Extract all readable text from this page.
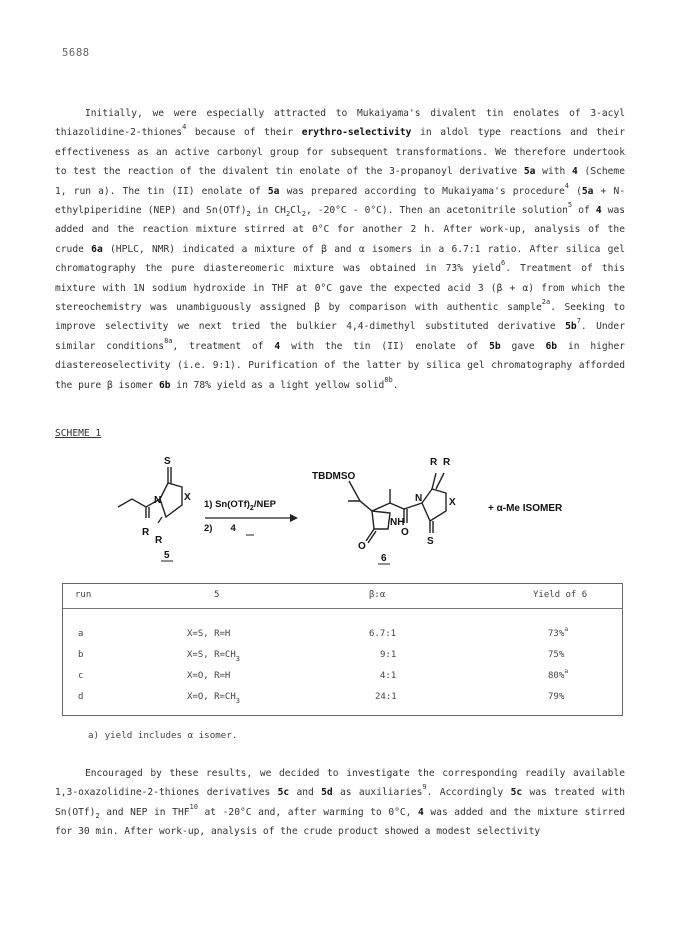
5688

Initially, we were especially attracted to Mukaiyama's divalent tin enolates of 3-acyl thiazolidine-2-thiones$^4$ because of their erythro-selectivity in aldol type reactions and their effectiveness as an active carbonyl group for subsequent transformations. We therefore undertook to test the reaction of the divalent tin enolate of the 3-propanoyl derivative 5a with 4 (Scheme 1, run a). The tin (II) enolate of 5a was prepared according to Mukaiyama's procedure$^4$ (5a + N-ethylpiperidine (NEP) and $Sn(OTf)_2$ in $CH_2Cl_2$, -20°C - 0°C). Then an acetonitrile solution$^5$ of 4 was added and the reaction mixture stirred at 0°C for another 2 h. After work-up, analysis of the crude 6a (HPLC, NMR) indicated a mixture of β and α isomers in a 6.7:1 ratio. After silica gel chromatography the pure diastereomeric mixture was obtained in 73% yield$^6$. Treatment of this mixture with 1N sodium hydroxide in THF at 0°C gave the expected acid 3 (β + α) from which the stereochemistry was unambiguously assigned β by comparison with authentic sample$^{2a}$. Seeking to improve selectivity we next tried the bulkier 4,4-dimethyl substituted derivative $5b^7$. Under similar conditions$^{8a}$, treatment of 4 with the tin (II) enolate of 5b gave 6b in higher diastereoselectivity (i.e. 9:1). Purification of the latter by silica gel chromatography afforded the pure β isomer 6b in 78% yield as a light yellow solid$^{8b}$.

SCHEME 1
S
N X
R
R
5
1) $Sn(OTf)_2$/NEP
2) 4
TBDMSO
NH
O
O
N	X
S
R R
6
+ α-Me ISOMER
run	5	β:α	Yield of 6
a	X=S, R=H	6.7:1	73%$^a$
b	X=S, $R=CH_3$	9:1	75%
c	X=O, R=H	4:1	80%$^a$
d	X=O, $R=CH_3$	24:1	79%
a) yield includes α isomer.

Encouraged by these results, we decided to investigate the corresponding readily available 1,3-oxazolidine-2-thiones derivatives 5c and 5d as auxiliaries$^9$. Accordingly 5c was treated with $Sn(OTf)_2$ and NEP in THF$^{10}$ at -20°C and, after warming to 0°C, 4 was added and the mixture stirred for 30 min. After work-up, analysis of the crude product showed a modest selectivity
